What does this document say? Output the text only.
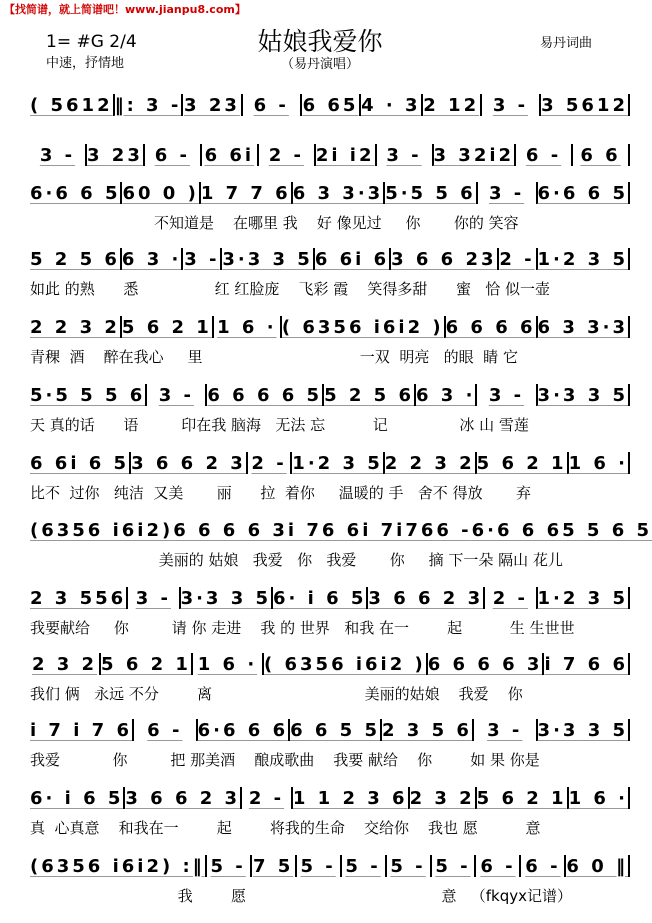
【找简谱，就上简谱吧！www.jianpu8.com】
1= #G 2/4
中速，抒情地
姑娘我爱你
（易丹演唱）
易丹词曲
( 5612 ‖: 3 - 3 23 6 - 6 65 4 · 3 2 12 3 - 3 5612
3 - 3 23 6 - 6 6i 2 - 2i i2 3 - 3 32i2 6 -	6 6
6·6 6 5 60 0 ) 1 7 7 6 6 3 3·3 5·5 5 6 3 - 6·6 6 5
不知道是    在哪里 我    好 像见过     你       你的 笑容
5 2 5 6 6 3 · 3 - 3·3 3 5 6 6i 6 3 6 6 23 2 - 1·2 3 5
如此 的熟      悉                红 红脸庞    飞彩 霞    笑得多甜      蜜   恰 似一壶
2 2 3 2 5 6 2 1 1 6 · ( 6356 i6i2 ) 6 6 6 6 6 3 3·3
青稞  酒    醉在我心     里                                 一双  明亮   的眼  睛 它
5·5 5 5 6 3 - 6 6 6 6 5 5 2 5 6 6 3 · 3 - 3·3 3 5
天 真的话      语         印在我 脑海   无法 忘          记               冰 山 雪莲
6 6i 6 5 3 6 6 2 3 2 - 1·2 3 5 2 2 3 2 5 6 2 1 1 6 ·
比不  过你   纯洁  又美       丽      拉  着你     温暖的 手   舍不 得放       弃
(6356 i6i2) 6 6 6 6 3 i 76 6 i 7i76 6 - 6·6 6 6 5 5 6 5
美丽的 姑娘   我爱   你   我爱       你     摘 下一朵 隔山 花儿
2 3 556 3 - 3·3 3 5 6· i 6 5 3 6 6 2 3 2 - 1·2 3 5
我要献给     你         请 你 走进    我 的 世界   和我 在一        起          生 生世世
2 3 2 5 6 2 1 1 6 · ( 6356 i6i2 ) 6 6 6 6 3 i 7 6 6
我们 俩   永远 不分        离                                美丽的姑娘    我爱    你
i 7 i 7 6 6 - 6·6 6 6 6 6 5 5 2 3 5 6 3 - 3·3 3 5
我爱           你         把 那美酒    酿成歌曲    我要 献给    你        如 果 你是
6· i 6 5 3 6 6 2 3 2 - 1 1 2 3 6 2 3 2 5 6 2 1 1 6 ·
真  心真意    和我在一        起        将我的生命    交给你    我也 愿          意
(6356 i6i2) :‖ 5 - 7 5 5 - 5 - 5 - 5 - 6 - 6 - 6 0 ‖
我        愿                                         意   （fkqyx记谱）
